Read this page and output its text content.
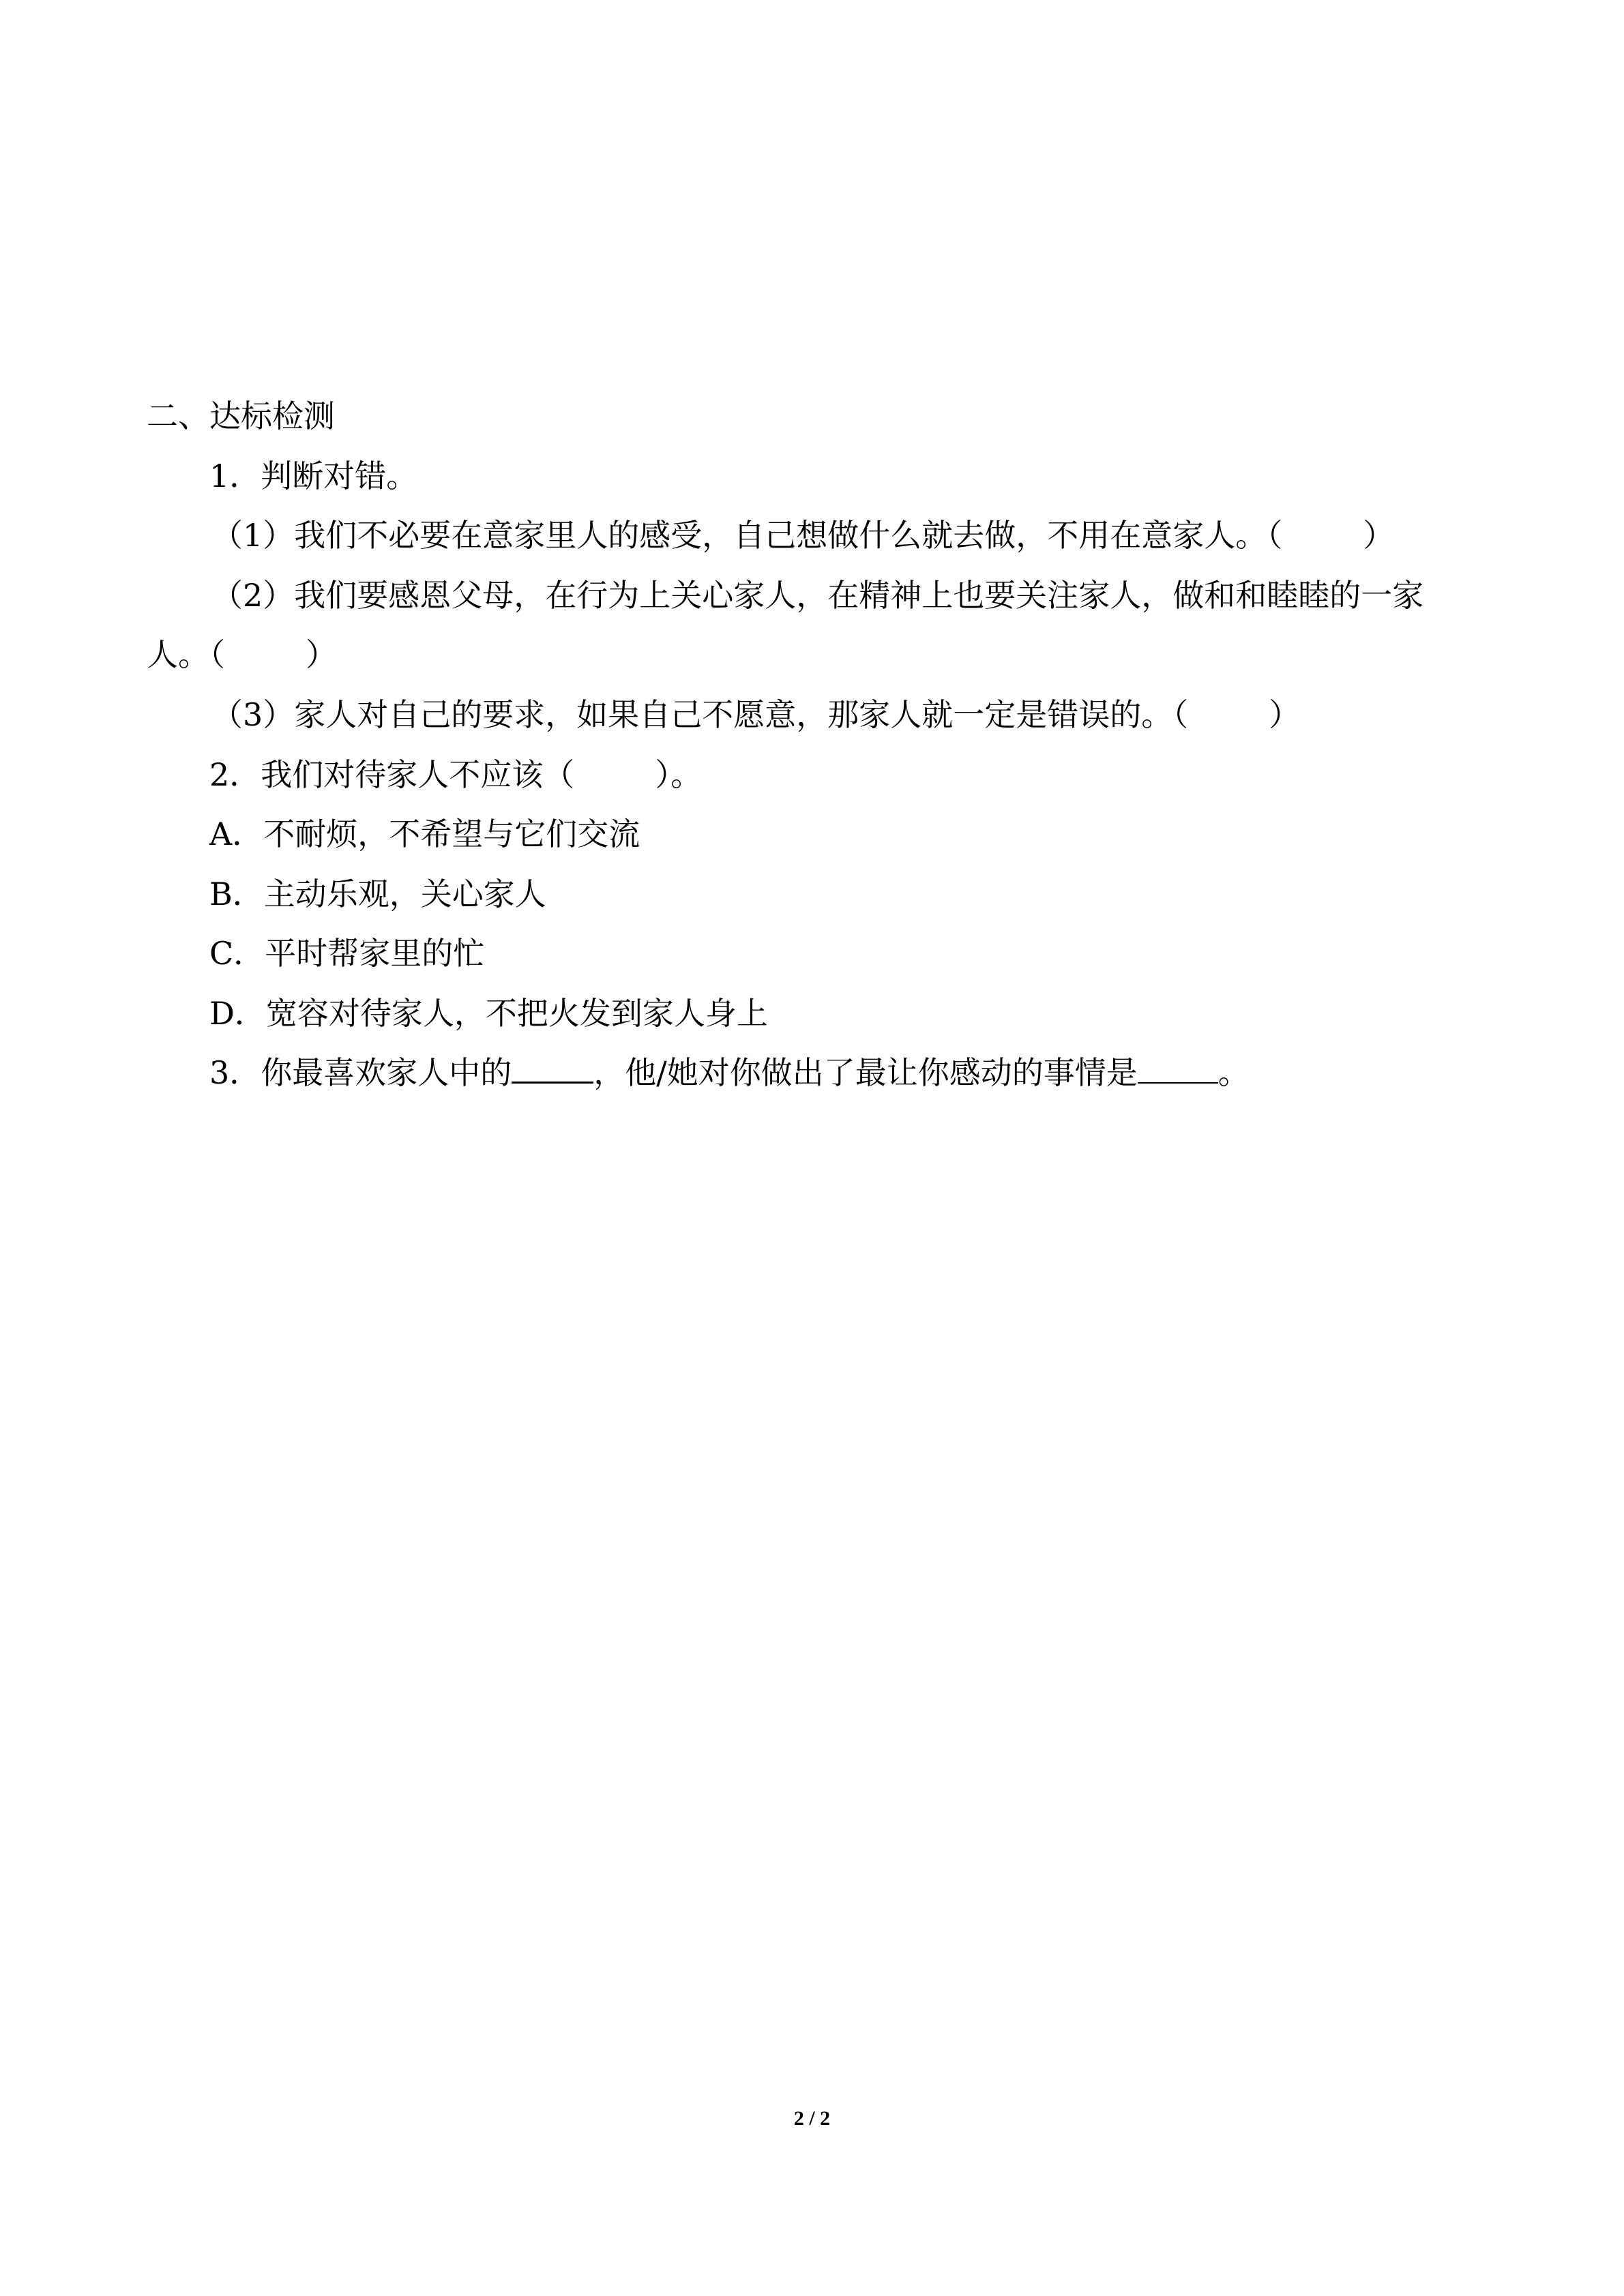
二、达标检测
1．判断对错。
（1）我们不必要在意家里人的感受，自己想做什么就去做，不用在意家人。（	）
（2）我们要感恩父母，在行为上关心家人，在精神上也要关注家人，做和和睦睦的一家
人。（	）
（3）家人对自己的要求，如果自己不愿意，那家人就一定是错误的。（	）
2．我们对待家人不应该（	）。
A．不耐烦，不希望与它们交流
B．主动乐观，关心家人
C．平时帮家里的忙
D．宽容对待家人，不把火发到家人身上
3．你最喜欢家人中的	，他/她对你做出了最让你感动的事情是	。
2 / 2
